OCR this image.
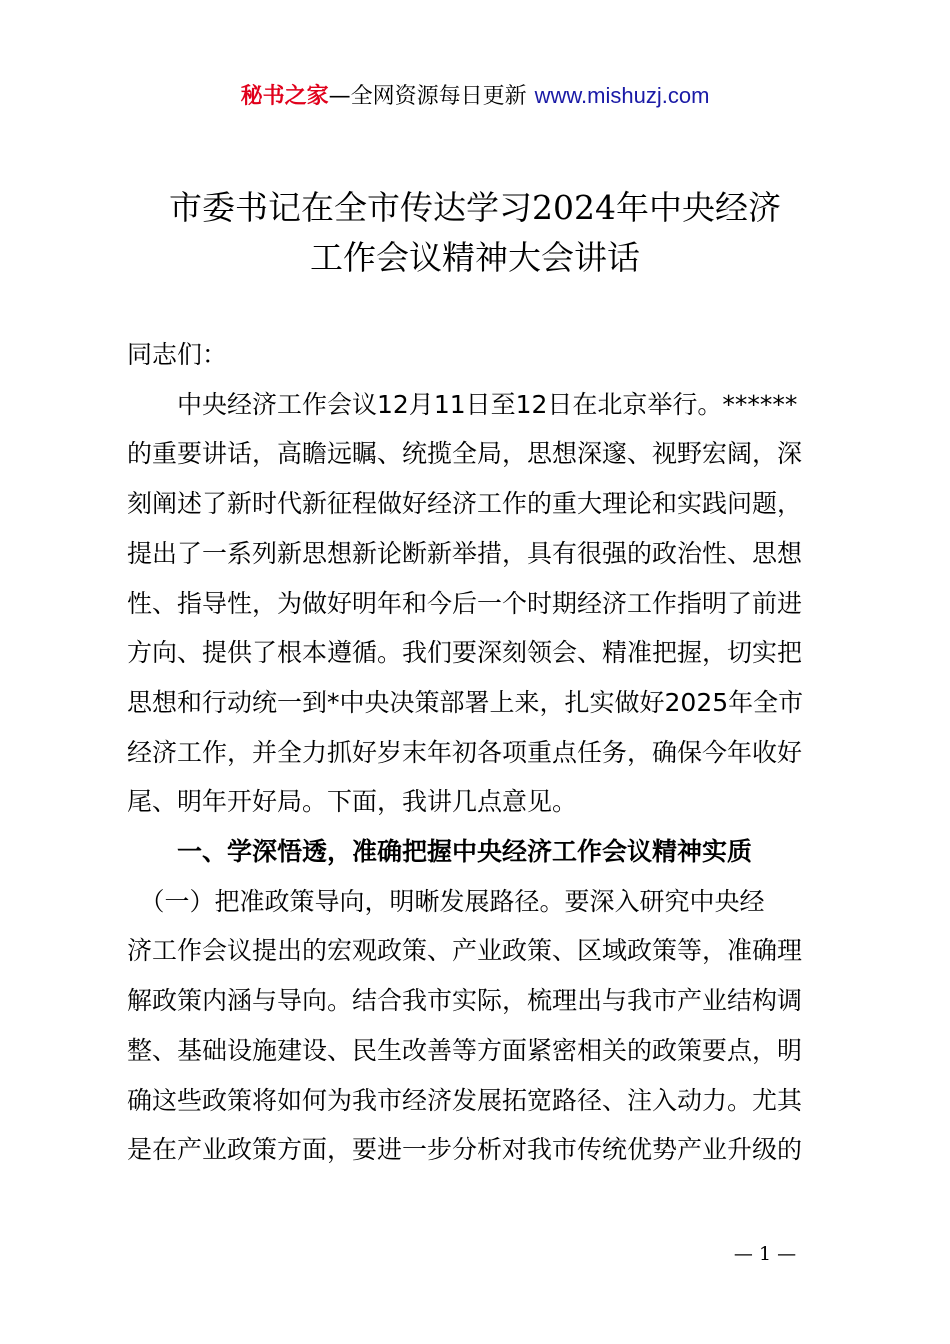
秘书之家—全网资源每日更新 www.mishuzj.com
市委书记在全市传达学习2024年中央经济
工作会议精神大会讲话

同志们：

　　中央经济工作会议12月11日至12日在北京举行。******
的重要讲话，高瞻远瞩、统揽全局，思想深邃、视野宏阔，深
刻阐述了新时代新征程做好经济工作的重大理论和实践问题，
提出了一系列新思想新论断新举措，具有很强的政治性、思想
性、指导性，为做好明年和今后一个时期经济工作指明了前进
方向、提供了根本遵循。我们要深刻领会、精准把握，切实把
思想和行动统一到*中央决策部署上来，扎实做好2025年全市
经济工作，并全力抓好岁末年初各项重点任务，确保今年收好
尾、明年开好局。下面，我讲几点意见。

　　一、学深悟透，准确把握中央经济工作会议精神实质

　（一）把准政策导向，明晰发展路径。要深入研究中央经
济工作会议提出的宏观政策、产业政策、区域政策等，准确理
解政策内涵与导向。结合我市实际，梳理出与我市产业结构调
整、基础设施建设、民生改善等方面紧密相关的政策要点，明
确这些政策将如何为我市经济发展拓宽路径、注入动力。尤其
是在产业政策方面，要进一步分析对我市传统优势产业升级的

— 1 —
